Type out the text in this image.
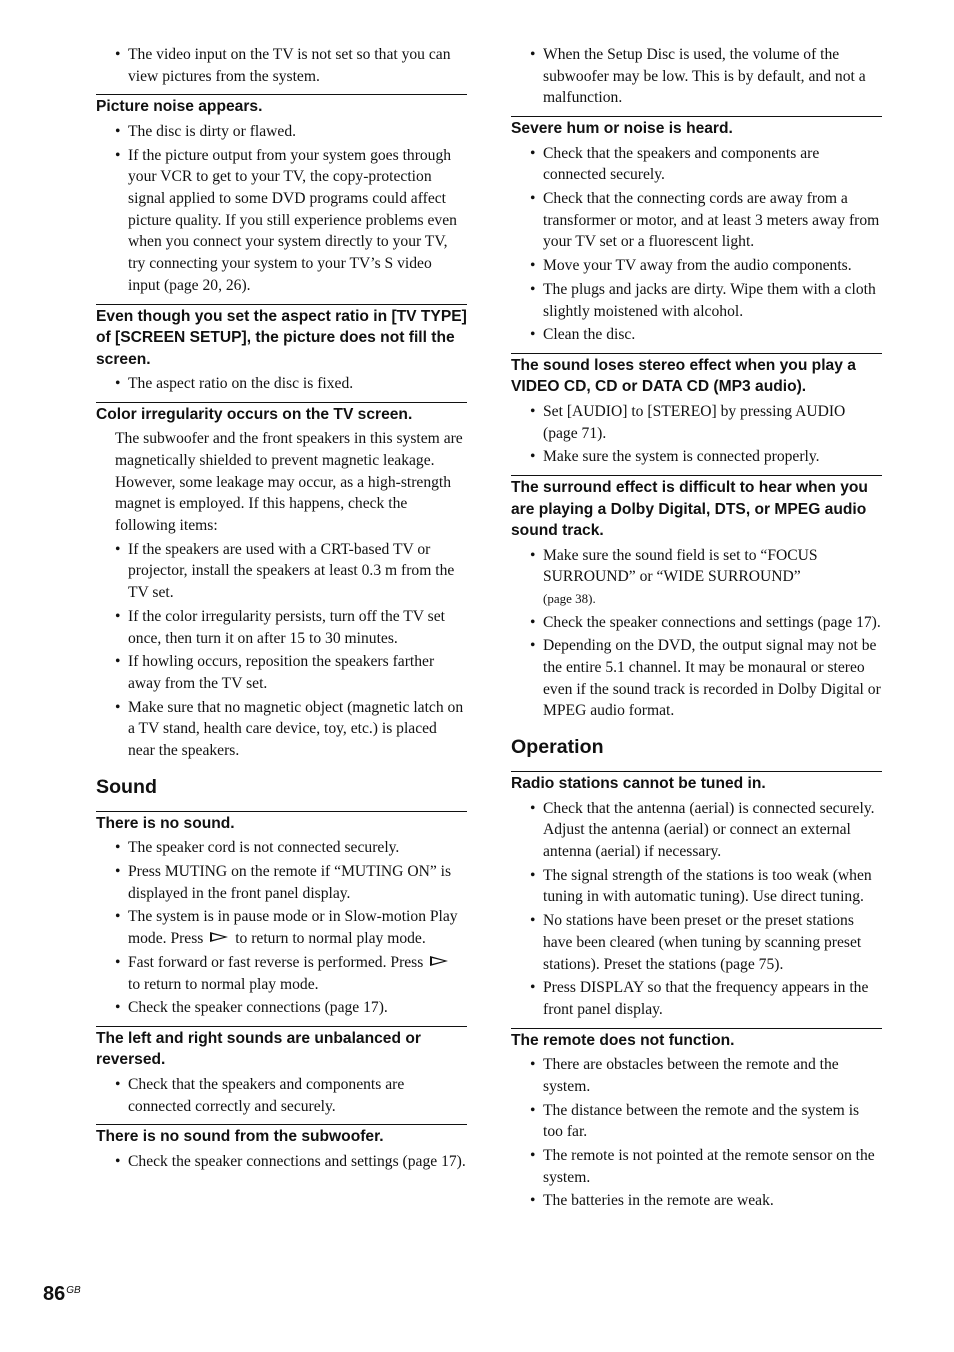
• The video input on the TV is not set so that you can view pictures from the system.
Picture noise appears.
• The disc is dirty or flawed.
• If the picture output from your system goes through your VCR to get to your TV, the copy-protection signal applied to some DVD programs could affect picture quality. If you still experience problems even when you connect your system directly to your TV, try connecting your system to your TV’s S video input (page 20, 26).
Even though you set the aspect ratio in [TV TYPE] of [SCREEN SETUP], the picture does not fill the screen.
• The aspect ratio on the disc is fixed.
Color irregularity occurs on the TV screen.
The subwoofer and the front speakers in this system are magnetically shielded to prevent magnetic leakage. However, some leakage may occur, as a high-strength magnet is employed. If this happens, check the following items:
• If the speakers are used with a CRT-based TV or projector, install the speakers at least 0.3 m from the TV set.
• If the color irregularity persists, turn off the TV set once, then turn it on after 15 to 30 minutes.
• If howling occurs, reposition the speakers farther away from the TV set.
• Make sure that no magnetic object (magnetic latch on a TV stand, health care device, toy, etc.) is placed near the speakers.
Sound
There is no sound.
• The speaker cord is not connected securely.
• Press MUTING on the remote if “MUTING ON” is displayed in the front panel display.
• The system is in pause mode or in Slow-motion Play mode. Press to return to normal play mode.
• Fast forward or fast reverse is performed. Press  to return to normal play mode.
• Check the speaker connections (page 17).
The left and right sounds are unbalanced or reversed.
• Check that the speakers and components are connected correctly and securely.
There is no sound from the subwoofer.
• Check the speaker connections and settings (page 17).
• When the Setup Disc is used, the volume of the subwoofer may be low. This is by default, and not a malfunction.
Severe hum or noise is heard.
• Check that the speakers and components are connected securely.
• Check that the connecting cords are away from a transformer or motor, and at least 3 meters away from your TV set or a fluorescent light.
• Move your TV away from the audio components.
• The plugs and jacks are dirty. Wipe them with a cloth slightly moistened with alcohol.
• Clean the disc.
The sound loses stereo effect when you play a VIDEO CD, CD or DATA CD (MP3 audio).
• Set [AUDIO] to [STEREO] by pressing AUDIO (page 71).
• Make sure the system is connected properly.
The surround effect is difficult to hear when you are playing a Dolby Digital, DTS, or MPEG audio sound track.
• Make sure the sound field is set to “FOCUS SURROUND” or “WIDE SURROUND”
(page 38).
• Check the speaker connections and settings (page 17).
• Depending on the DVD, the output signal may not be the entire 5.1 channel. It may be monaural or stereo even if the sound track is recorded in Dolby Digital or MPEG audio format.
Operation
Radio stations cannot be tuned in.
• Check that the antenna (aerial) is connected securely. Adjust the antenna (aerial) or connect an external antenna (aerial) if necessary.
• The signal strength of the stations is too weak (when tuning in with automatic tuning). Use direct tuning.
• No stations have been preset or the preset stations have been cleared (when tuning by scanning preset stations). Preset the stations (page 75).
• Press DISPLAY so that the frequency appears in the front panel display.
The remote does not function.
• There are obstacles between the remote and the system.
• The distance between the remote and the system is too far.
• The remote is not pointed at the remote sensor on the system.
• The batteries in the remote are weak.
$86^{GB}$
